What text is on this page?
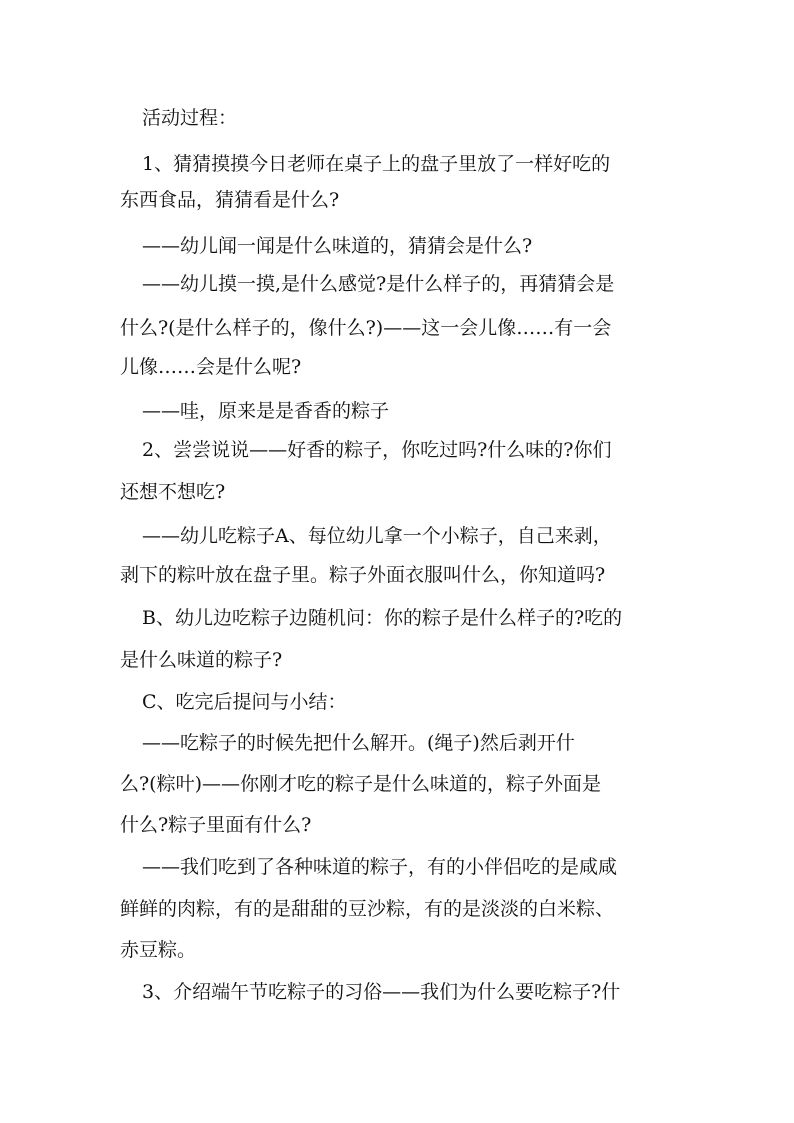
活动过程：
1、猜猜摸摸今日老师在桌子上的盘子里放了一样好吃的
东西食品，猜猜看是什么?
——幼儿闻一闻是什么味道的，猜猜会是什么?
——幼儿摸一摸,是什么感觉?是什么样子的，再猜猜会是
什么?(是什么样子的，像什么?)——这一会儿像……有一会
儿像……会是什么呢?
——哇，原来是是香香的粽子
2、尝尝说说——好香的粽子，你吃过吗?什么味的?你们
还想不想吃?
——幼儿吃粽子A、每位幼儿拿一个小粽子，自己来剥，
剥下的粽叶放在盘子里。粽子外面衣服叫什么，你知道吗?
B、幼儿边吃粽子边随机问：你的粽子是什么样子的?吃的
是什么味道的粽子?
C、吃完后提问与小结：
——吃粽子的时候先把什么解开。(绳子)然后剥开什
么?(粽叶)——你刚才吃的粽子是什么味道的，粽子外面是
什么?粽子里面有什么?
——我们吃到了各种味道的粽子，有的小伴侣吃的是咸咸
鲜鲜的肉粽，有的是甜甜的豆沙粽，有的是淡淡的白米粽、
赤豆粽。
3、介绍端午节吃粽子的习俗——我们为什么要吃粽子?什
